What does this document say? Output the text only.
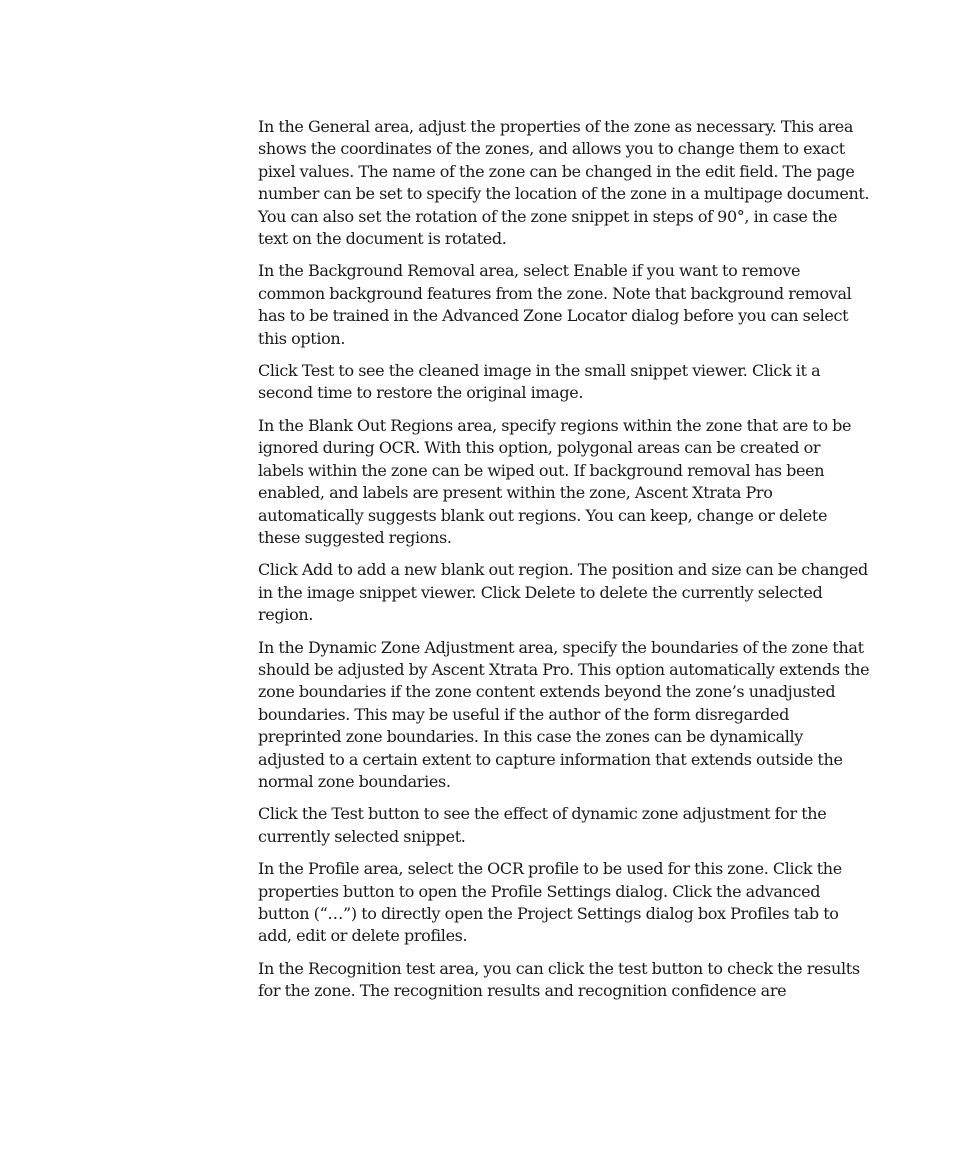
In the General area, adjust the properties of the zone as necessary. This area shows the coordinates of the zones, and allows you to change them to exact pixel values. The name of the zone can be changed in the edit field. The page number can be set to specify the location of the zone in a multipage document. You can also set the rotation of the zone snippet in steps of 90°, in case the text on the document is rotated.

In the Background Removal area, select Enable if you want to remove common background features from the zone. Note that background removal has to be trained in the Advanced Zone Locator dialog before you can select this option.

Click Test to see the cleaned image in the small snippet viewer. Click it a second time to restore the original image.

In the Blank Out Regions area, specify regions within the zone that are to be ignored during OCR. With this option, polygonal areas can be created or labels within the zone can be wiped out. If background removal has been enabled, and labels are present within the zone, Ascent Xtrata Pro automatically suggests blank out regions. You can keep, change or delete these suggested regions.

Click Add to add a new blank out region. The position and size can be changed in the image snippet viewer. Click Delete to delete the currently selected region.

In the Dynamic Zone Adjustment area, specify the boundaries of the zone that should be adjusted by Ascent Xtrata Pro. This option automatically extends the zone boundaries if the zone content extends beyond the zone’s unadjusted boundaries. This may be useful if the author of the form disregarded preprinted zone boundaries. In this case the zones can be dynamically adjusted to a certain extent to capture information that extends outside the normal zone boundaries.

Click the Test button to see the effect of dynamic zone adjustment for the currently selected snippet.

In the Profile area, select the OCR profile to be used for this zone. Click the properties button to open the Profile Settings dialog. Click the advanced button (“…”) to directly open the Project Settings dialog box Profiles tab to add, edit or delete profiles.

In the Recognition test area, you can click the test button to check the results for the zone. The recognition results and recognition confidence are
